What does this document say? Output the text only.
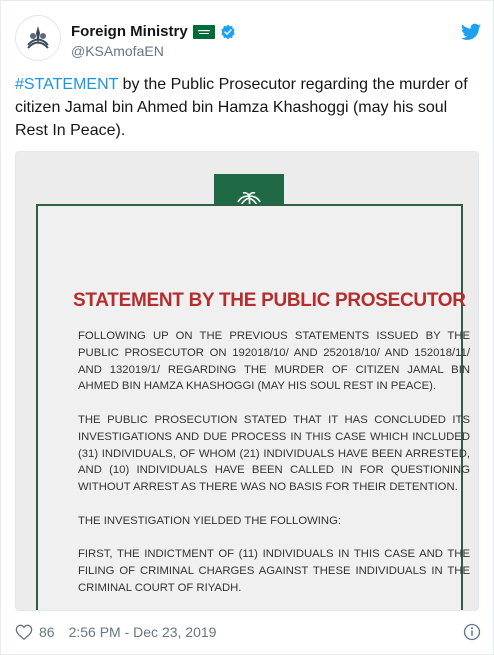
Foreign Ministry
@KSAmofaEN
#STATEMENT by the Public Prosecutor regarding the murder of citizen Jamal bin Ahmed bin Hamza Khashoggi (may his soul Rest In Peace).
STATEMENT BY THE PUBLIC PROSECUTOR

FOLLOWING UP ON THE PREVIOUS STATEMENTS ISSUED BY THE PUBLIC PROSECUTOR ON 192018/10/ AND 252018/10/ AND 152018/11/ AND 132019/1/ REGARDING THE MURDER OF CITIZEN JAMAL BIN AHMED BIN HAMZA KHASHOGGI (MAY HIS SOUL REST IN PEACE).

THE PUBLIC PROSECUTION STATED THAT IT HAS CONCLUDED ITS INVESTIGATIONS AND DUE PROCESS IN THIS CASE WHICH INCLUDED (31) INDIVIDUALS, OF WHOM (21) INDIVIDUALS HAVE BEEN ARRESTED, AND (10) INDIVIDUALS HAVE BEEN CALLED IN FOR QUESTIONING WITHOUT ARREST AS THERE WAS NO BASIS FOR THEIR DETENTION.

THE INVESTIGATION YIELDED THE FOLLOWING:

FIRST, THE INDICTMENT OF (11) INDIVIDUALS IN THIS CASE AND THE FILING OF CRIMINAL CHARGES AGAINST THESE INDIVIDUALS IN THE CRIMINAL COURT OF RIYADH.

86 2:56 PM - Dec 23, 2019
